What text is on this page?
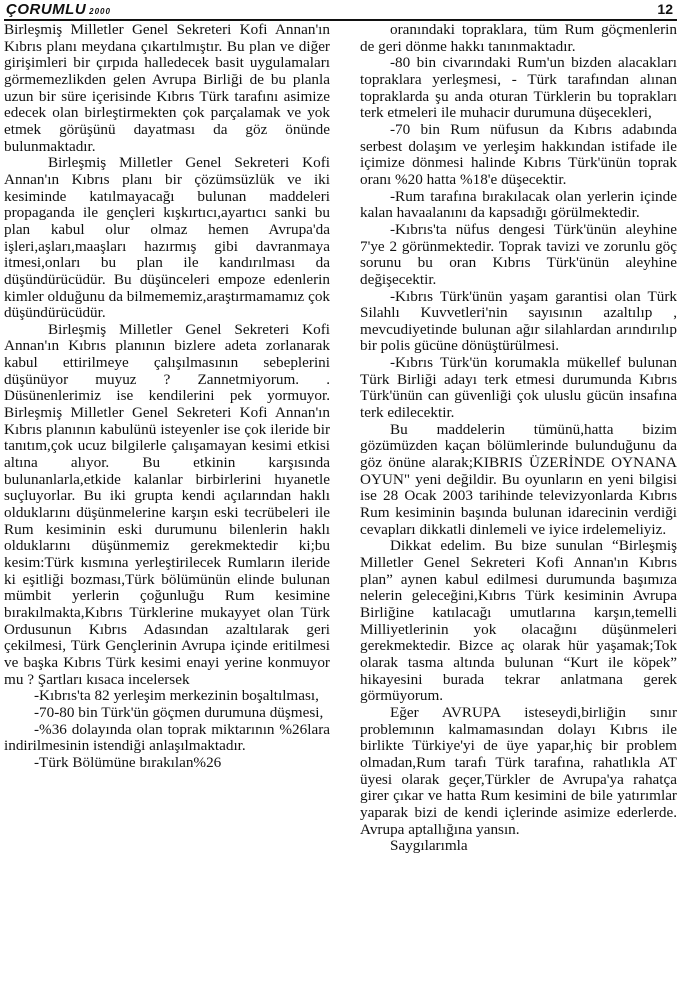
ÇORUMLU 2000	12

Birleşmiş Milletler Genel Sekreteri Kofi Annan'ın Kıbrıs planı meydana çıkartılmıştır. Bu plan ve diğer girişimleri bir çırpıda halledecek basit uygulamaları görmemezlikden gelen Avrupa Birliği de bu planla uzun bir süre içerisinde Kıbrıs Türk tarafını asimize edecek olan birleştirmekten çok parçalamak ve yok etmek görüşünü dayatması da göz önünde bulunmaktadır.

Birleşmiş Milletler Genel Sekreteri Kofi Annan'ın Kıbrıs planı bir çözümsüzlük ve iki kesiminde katılmayacağı bulunan maddeleri propaganda ile gençleri kışkırtıcı,ayartıcı sanki bu plan kabul olur olmaz hemen Avrupa'da işleri,aşları,maaşları hazırmış gibi davranmaya itmesi,onları bu plan ile kandırılması da düşündürücüdür. Bu düşünceleri empoze edenlerin kimler olduğunu da bilmememiz,araştırmamamız çok düşündürücüdür.

Birleşmiş Milletler Genel Sekreteri Kofi Annan'ın Kıbrıs planının bizlere adeta zorlanarak kabul ettirilmeye çalışılmasının sebeplerini düşünüyor muyuz ? Zannetmiyorum. . Düsünenlerimiz ise kendilerini pek yormuyor. Birleşmiş Milletler Genel Sekreteri Kofi Annan'ın Kıbrıs planının kabulünü isteyenler ise çok ileride bir tanıtım,çok ucuz bilgilerle çalışamayan kesimi etkisi altına alıyor. Bu etkinin karşısında bulunanlarla,etkide kalanlar birbirlerini hıyanetle suçluyorlar. Bu iki grupta kendi açılarından haklı olduklarını düşünmelerine karşın eski tecrübeleri ile Rum kesiminin eski durumunu bilenlerin haklı olduklarını düşünmemiz gerekmektedir ki;bu kesim:Türk kısmına yerleştirilecek Rumların ileride ki eşitliği bozması,Türk bölümünün elinde bulunan mümbit yerlerin çoğunluğu Rum kesimine bırakılmakta,Kıbrıs Türklerine mukayyet olan Türk Ordusunun Kıbrıs Adasından azaltılarak geri çekilmesi, Türk Gençlerinin Avrupa içinde eritilmesi ve başka Kıbrıs Türk kesimi enayi yerine konmuyor mu ? Şartları kısaca incelersek

-Kıbrıs'ta 82 yerleşim merkezinin boşaltılması,

-70-80 bin Türk'ün göçmen durumuna düşmesi,

-%36 dolayında olan toprak miktarının %26lara indirilmesinin istendiği anlaşılmaktadır.

-Türk Bölümüne bırakılan%26

oranındaki topraklara, tüm Rum göçmenlerin de geri dönme hakkı tanınmaktadır.

-80 bin civarındaki Rum'un bizden alacakları topraklara yerleşmesi, - Türk tarafından alınan topraklarda şu anda oturan Türklerin bu toprakları terk etmeleri ile muhacir durumuna düşecekleri,

-70 bin Rum nüfusun da Kıbrıs adabında serbest dolaşım ve yerleşim hakkından istifade ile içimize dönmesi halinde Kıbrıs Türk'ünün toprak oranı %20 hatta %18'e düşecektir.

-Rum tarafına bırakılacak olan yerlerin içinde kalan havaalanını da kapsadığı görülmektedir.

-Kıbrıs'ta nüfus dengesi Türk'ünün aleyhine 7'ye 2 görünmektedir. Toprak tavizi ve zorunlu göç sorunu bu oran Kıbrıs Türk'ünün aleyhine değişecektir.

-Kıbrıs Türk'ünün yaşam garantisi olan Türk Silahlı Kuvvetleri'nin sayısının azaltılıp , mevcudiyetinde bulunan ağır silahlardan arındırılıp bir polis gücüne dönüştürülmesi.

-Kıbrıs Türk'ün korumakla mükellef bulunan Türk Birliği adayı terk etmesi durumunda Kıbrıs Türk'ünün can güvenliği çok uluslu gücün insafına terk edilecektir.

Bu maddelerin tümünü,hatta bizim gözümüzden kaçan bölümlerinde bulunduğunu da göz önüne alarak;KIBRIS ÜZERİNDE OYNANA OYUN" yeni değildir. Bu oyunların en yeni bilgisi ise 28 Ocak 2003 tarihinde televizyonlarda Kıbrıs Rum kesiminin başında bulunan idarecinin verdiği cevapları dikkatli dinlemeli ve iyice irdelemeliyiz.

Dikkat edelim. Bu bize sunulan “Birleşmiş Milletler Genel Sekreteri Kofi Annan'ın Kıbrıs plan” aynen kabul edilmesi durumunda başımıza nelerin geleceğini,Kıbrıs Türk kesiminin Avrupa Birliğine katılacağı umutlarına karşın,temelli Milliyetlerinin yok olacağını düşünmeleri gerekmektedir. Bizce aç olarak hür yaşamak;Tok olarak tasma altında bulunan “Kurt ile köpek” hikayesini burada tekrar anlatmana gerek görmüyorum.

Eğer AVRUPA isteseydi,birliğin sınır problemının kalmamasından dolayı Kıbrıs ile birlikte Türkiye'yi de üye yapar,hiç bir problem olmadan,Rum tarafı Türk tarafına, rahatlıkla AT üyesi olarak geçer,Türkler de Avrupa'ya rahatça girer çıkar ve hatta Rum kesimini de bile yatırımlar yaparak bizi de kendi içlerinde asimize ederlerde. Avrupa aptallığına yansın.

Saygılarımla
